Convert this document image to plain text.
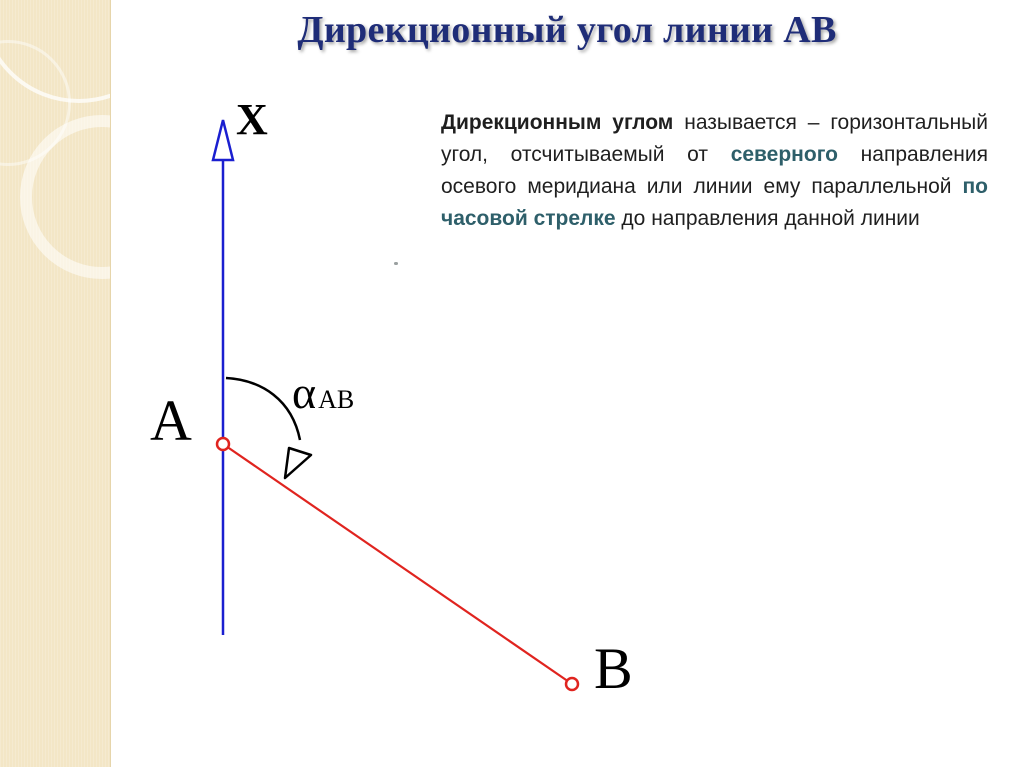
Дирекционный угол линии АВ
Дирекционным углом называется – горизонтальный угол, отсчитываемый от северного направления осевого меридиана или линии ему параллельной по часовой стрелке до направления данной линии
X
αАВ
A
B
